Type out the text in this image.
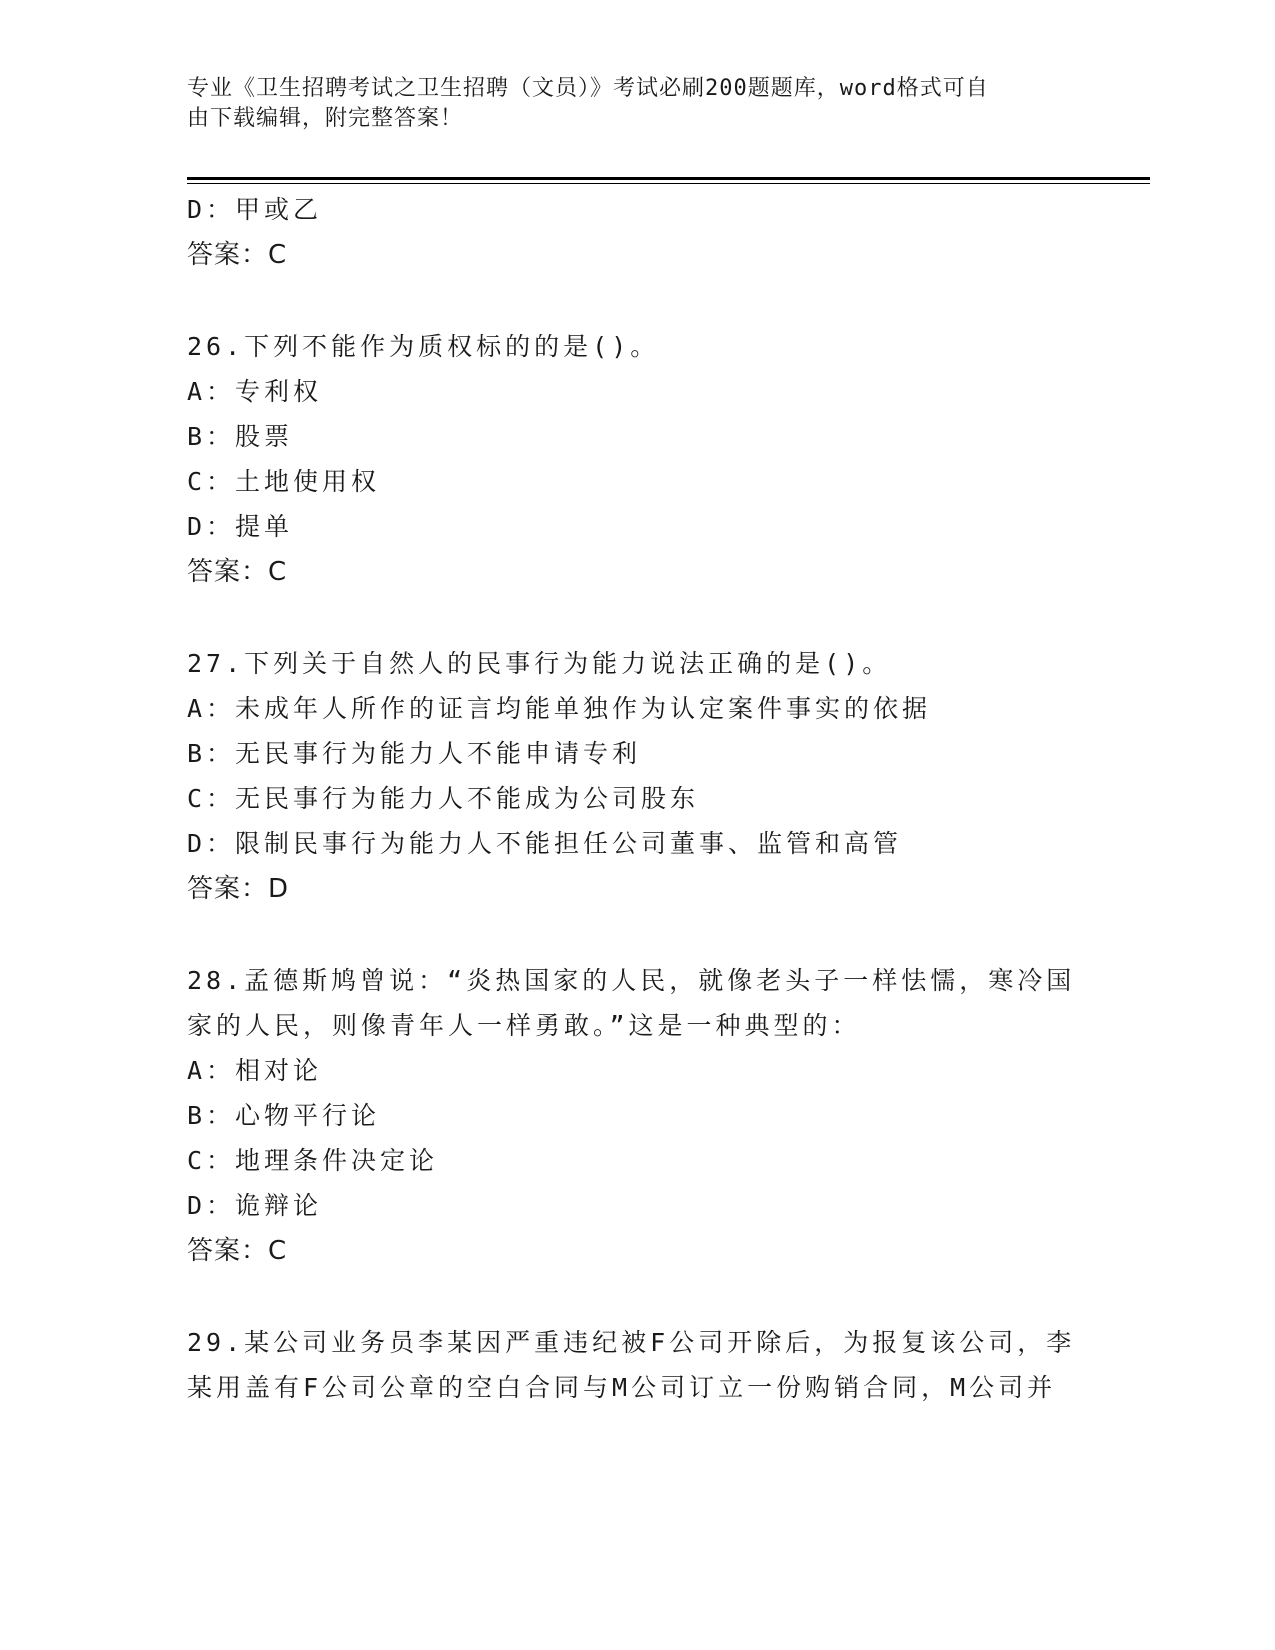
专业《卫生招聘考试之卫生招聘（文员）》考试必刷200题题库，word格式可自
由下载编辑，附完整答案！
D：甲或乙
答案：C
26.下列不能作为质权标的的是()。
A：专利权
B：股票
C：土地使用权
D：提单
答案：C
27.下列关于自然人的民事行为能力说法正确的是()。
A：未成年人所作的证言均能单独作为认定案件事实的依据
B：无民事行为能力人不能申请专利
C：无民事行为能力人不能成为公司股东
D：限制民事行为能力人不能担任公司董事、监管和高管
答案：D
28.孟德斯鸠曾说：“炎热国家的人民，就像老头子一样怯懦，寒冷国
家的人民，则像青年人一样勇敢。”这是一种典型的：
A：相对论
B：心物平行论
C：地理条件决定论
D：诡辩论
答案：C
29.某公司业务员李某因严重违纪被F公司开除后，为报复该公司，李
某用盖有F公司公章的空白合同与M公司订立一份购销合同，M公司并
